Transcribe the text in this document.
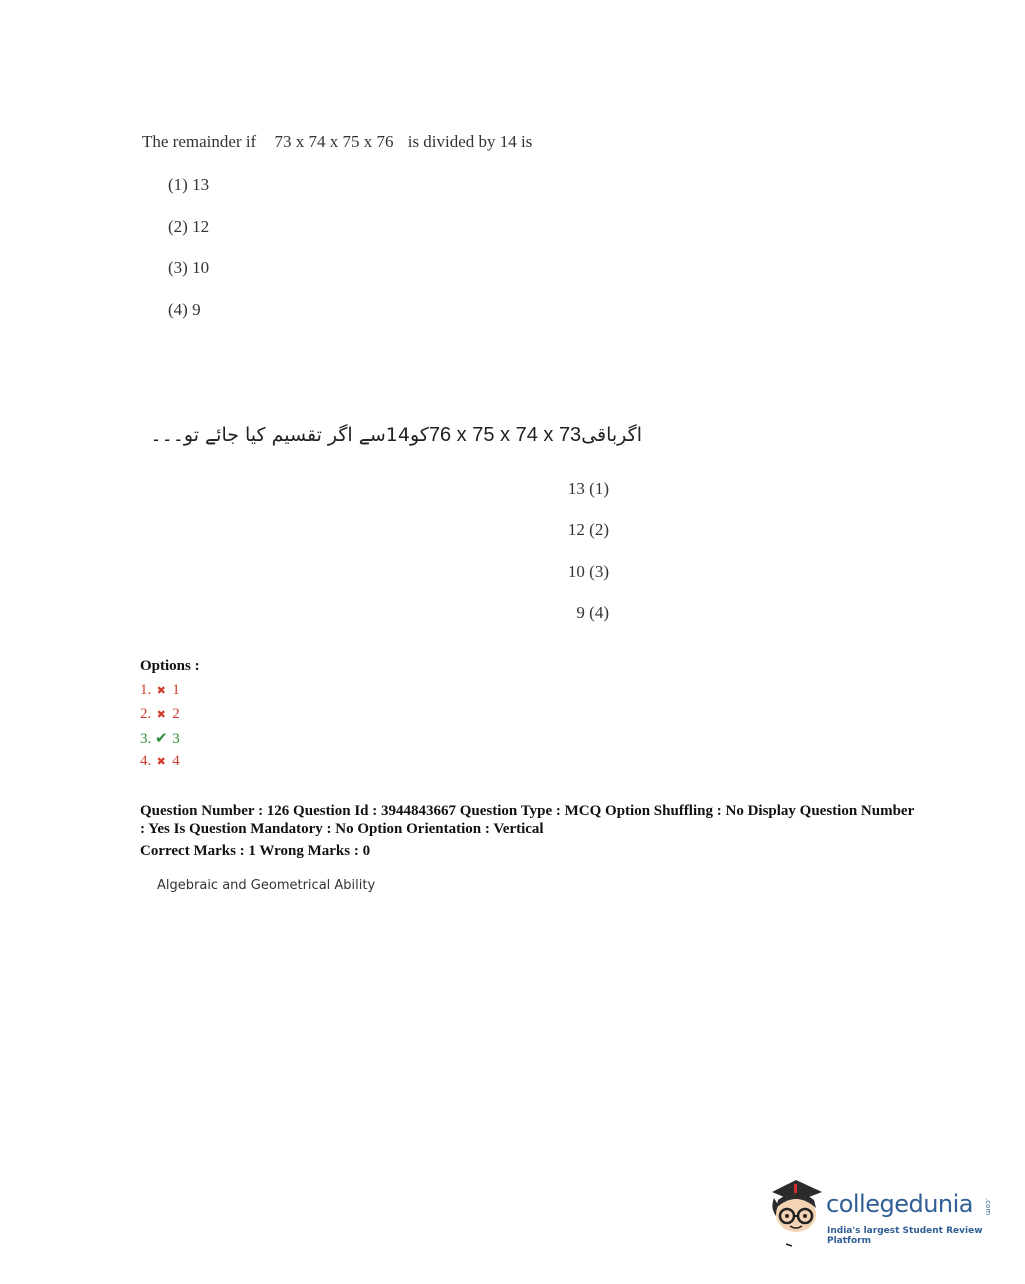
The remainder if 73 x 74 x 75 x 76 is divided by 14 is
(1) 13
(2) 12
(3) 10
(4) 9
اگرباقی76 x 75 x 74 x 73کو14سے اگر تقسیم کیا جائے تو۔۔۔
13 (1)
12 (2)
10 (3)
9 (4)
Options :
1. ✖ 1
2. ✖ 2
3. ✔ 3
4. ✖ 4
Question Number : 126 Question Id : 3944843667 Question Type : MCQ Option Shuffling : No Display Question Number : Yes Is Question Mandatory : No Option Orientation : Vertical
Correct Marks : 1 Wrong Marks : 0
Algebraic and Geometrical Ability
collegedunia .com
India's largest Student Review Platform
